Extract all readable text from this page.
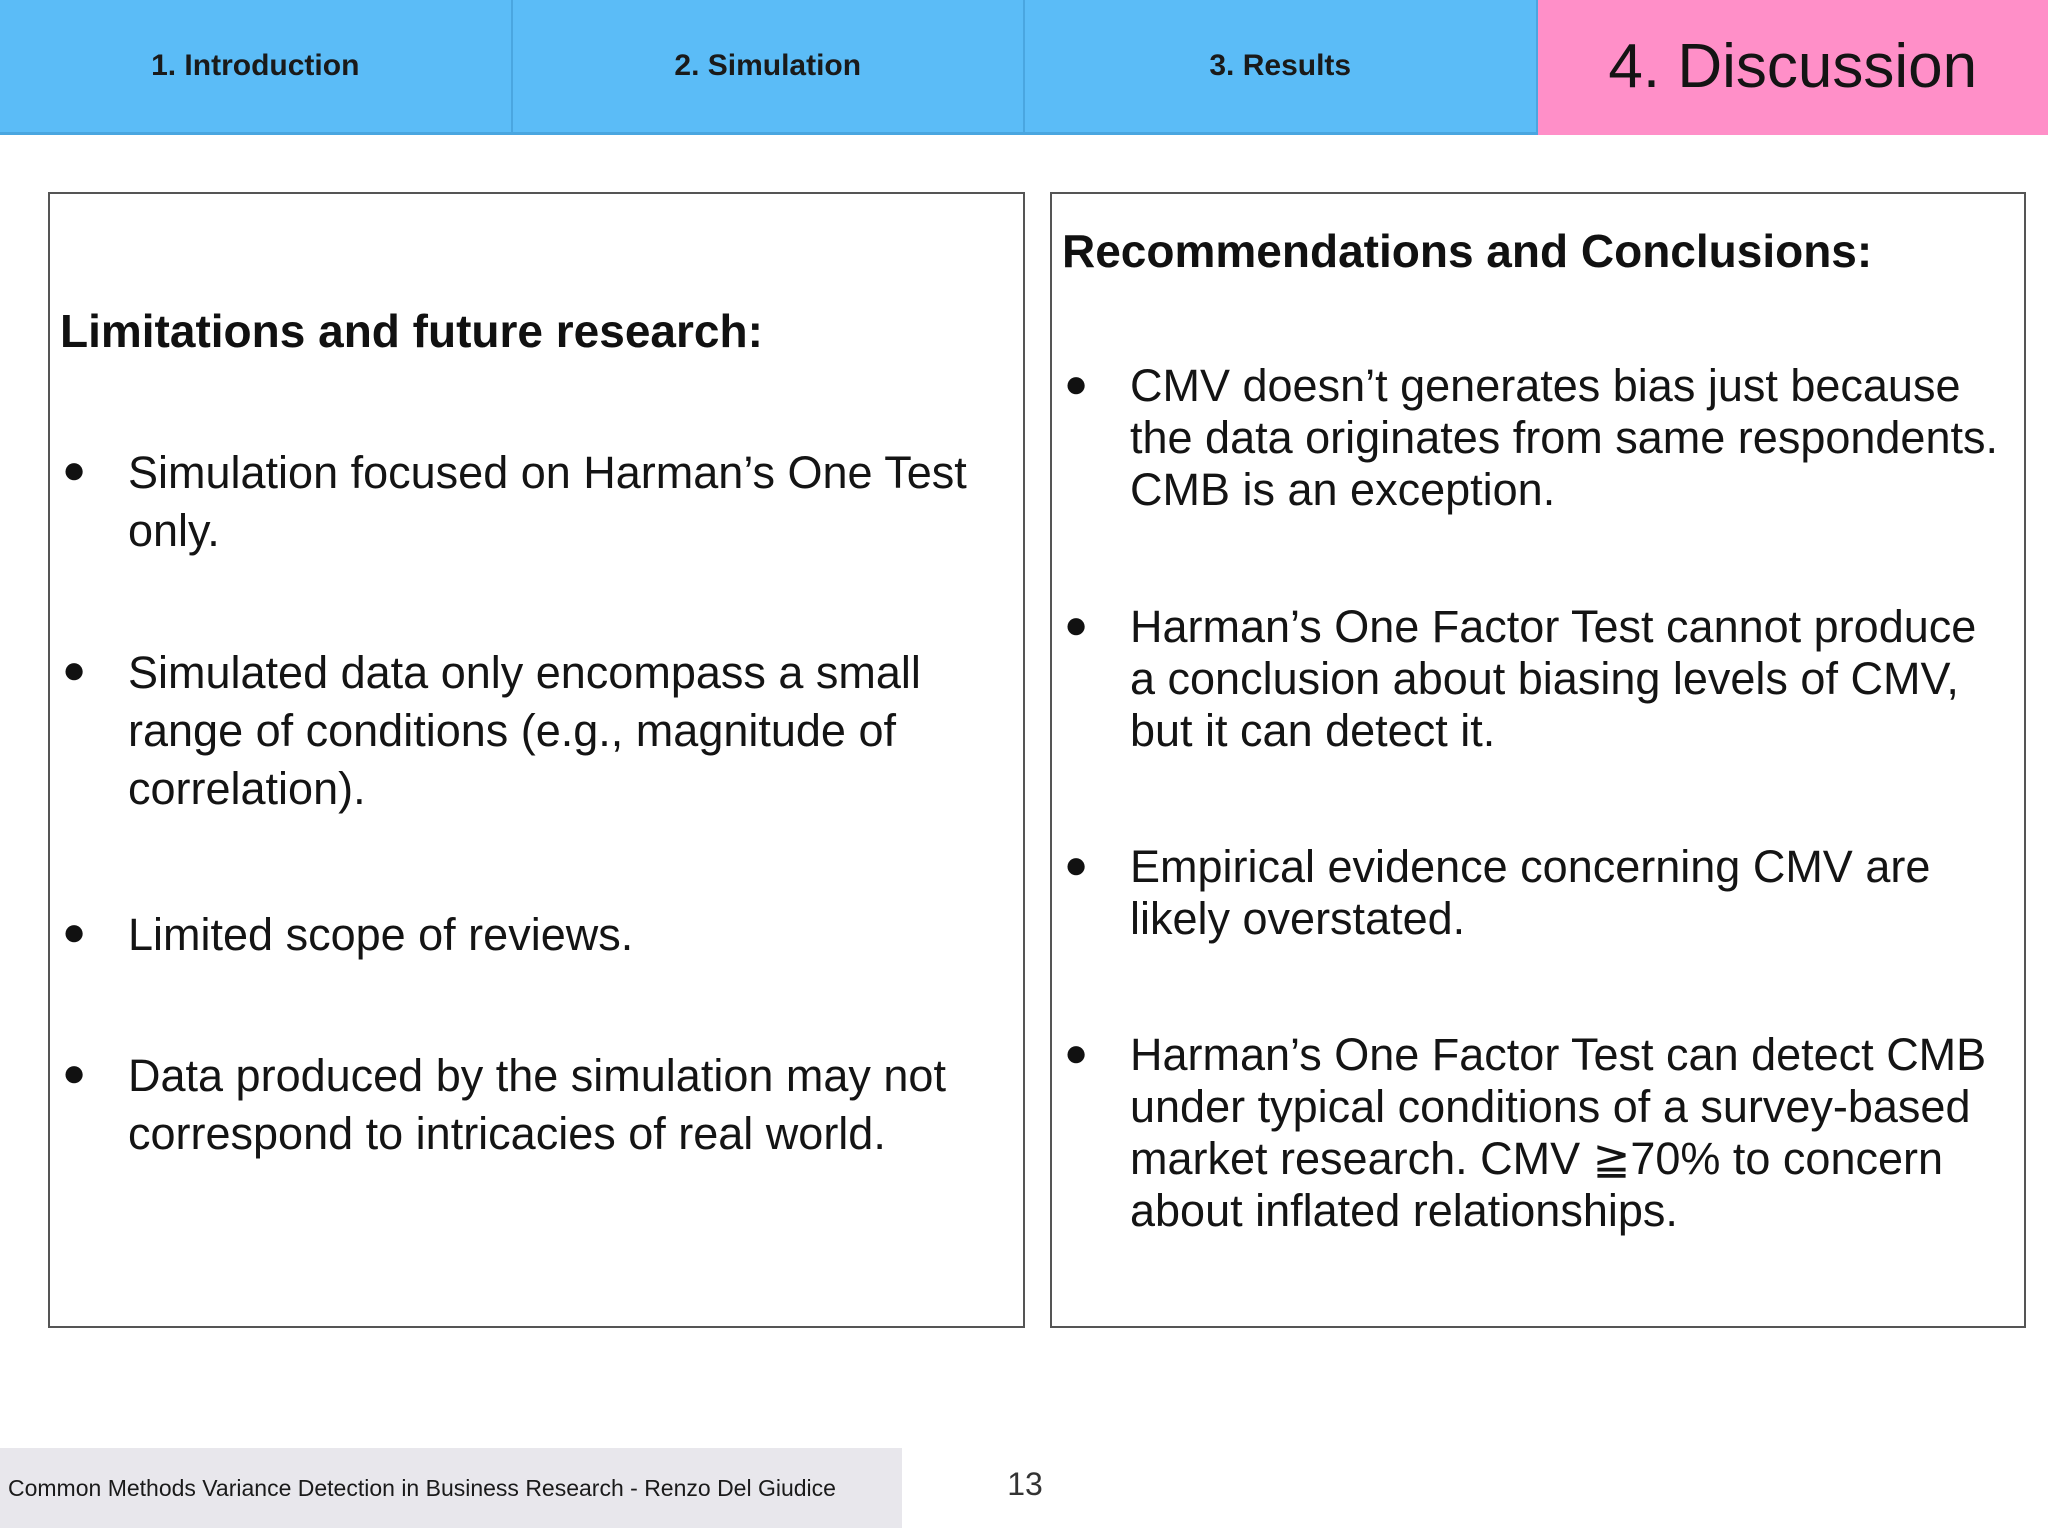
1. Introduction	2. Simulation	3. Results	4. Discussion
Limitations and future research:
● Simulation focused on Harman’s One Test only.
● Simulated data only encompass a small range of conditions (e.g., magnitude of correlation).
● Limited scope of reviews.
● Data produced by the simulation may not correspond to intricacies of real world.
Recommendations and Conclusions:
● CMV doesn’t generates bias just because the data originates from same respondents. CMB is an exception.
● Harman’s One Factor Test cannot produce a conclusion about biasing levels of CMV, but it can detect it.
● Empirical evidence concerning CMV are likely overstated.
● Harman’s One Factor Test can detect CMB under typical conditions of a survey-based market research. CMV ≧70% to concern about inflated relationships.
Common Methods Variance Detection in Business Research - Renzo Del Giudice	13
